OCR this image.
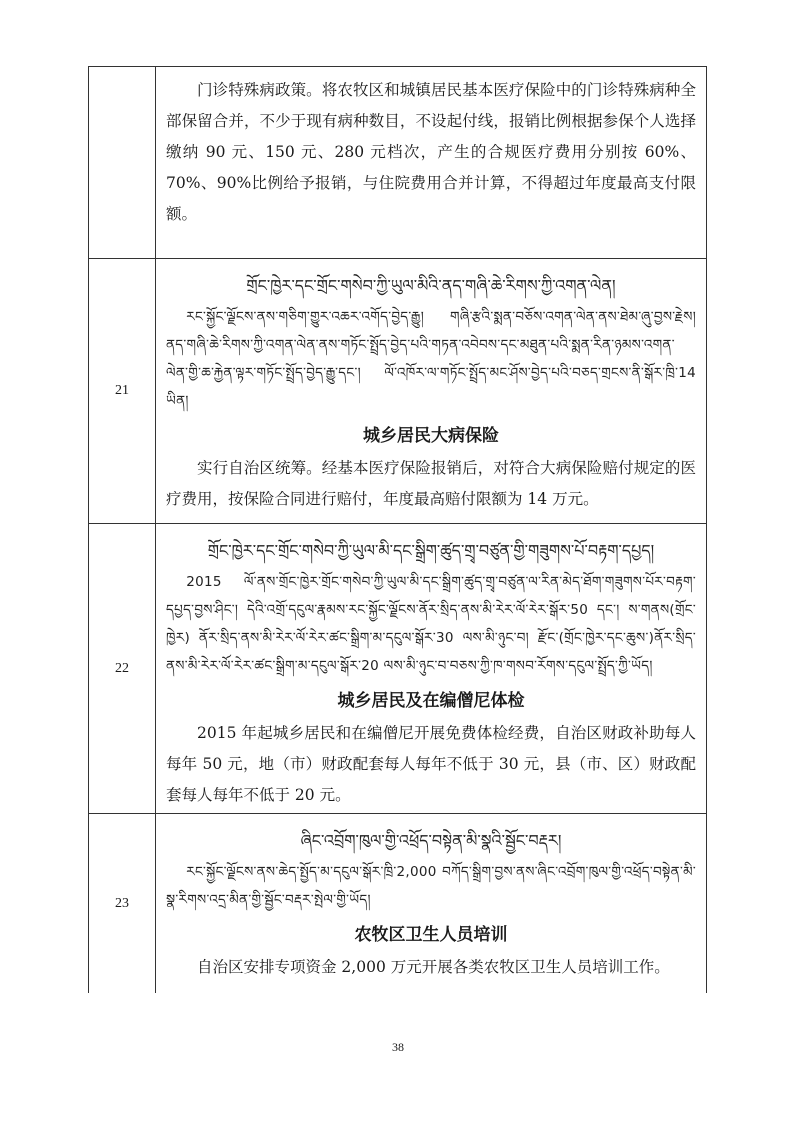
门诊特殊病政策。将农牧区和城镇居民基本医疗保险中的门诊特殊病种全部保留合并，不少于现有病种数目，不设起付线，报销比例根据参保个人选择缴纳 90 元、150 元、280 元档次，产生的合规医疗费用分别按 60%、70%、90%比例给予报销，与住院费用合并计算，不得超过年度最高支付限额。

21
གྲོང་ཁྱེར་དང་གྲོང་གསེབ་ཀྱི་ཡུལ་མིའི་ནད་གཞི་ཆེ་རིགས་ཀྱི་འགན་ལེན།

རང་སྐྱོང་ལྗོངས་ནས་གཅིག་གྱུར་འཆར་འགོད་བྱེད་རྒྱུ། གཞི་རྩའི་སྨན་བཅོས་འགན་ལེན་ནས་ཐེམ་ཞུ་བྱས་རྗེས། ནད་གཞི་ཆེ་རིགས་ཀྱི་འགན་ལེན་ནས་གཏོང་སྤྲོད་བྱེད་པའི་གཏན་འབེབས་དང་མཐུན་པའི་སྨན་རིན་ཉམས་འགན་ལེན་གྱི་ཆ་རྐྱེན་ལྟར་གཏོང་སྤྲོད་བྱེད་རྒྱུ་དང་། ལོ་འཁོར་ལ་གཏོང་སྤྲོད་མང་ཤོས་བྱེད་པའི་བཅད་གྲངས་ནི་སྒོར་ཁྲི་14 ཡིན།

城乡居民大病保险

实行自治区统筹。经基本医疗保险报销后，对符合大病保险赔付规定的医疗费用，按保险合同进行赔付，年度最高赔付限额为 14 万元。

22
གྲོང་ཁྱེར་དང་གྲོང་གསེབ་ཀྱི་ཡུལ་མི་དང་སྒྲིག་ཚུད་གྲྭ་བཙུན་གྱི་གཟུགས་པོ་བརྟག་དཔྱད།

2015 ལོ་ནས་གྲོང་ཁྱེར་གྲོང་གསེབ་ཀྱི་ཡུལ་མི་དང་སྒྲིག་ཚུད་གྲྭ་བཙུན་ལ་རིན་མེད་ཐོག་གཟུགས་པོར་བརྟག་དཔྱད་བྱས་ཤིང་། དེའི་འགྲོ་དངུལ་རྣམས་རང་སྐྱོང་ལྗོངས་ནོར་སྲིད་ནས་མི་རེར་ལོ་རེར་སྒོར་50 དང་། ས་གནས(གྲོང་ཁྱེར) ནོར་སྲིད་ནས་མི་རེར་ལོ་རེར་ཚང་སྒྲིག་མ་དངུལ་སྒོར་30 ལས་མི་ཉུང་བ། རྫོང་(གྲོང་ཁྱེར་དང་ཆུས་)ནོར་སྲིད་ནས་མི་རེར་ལོ་རེར་ཚང་སྒྲིག་མ་དངུལ་སྒོར་20 ལས་མི་ཉུང་བ་བཅས་ཀྱི་ཁ་གསབ་རོགས་དངུལ་སྤྲོད་ཀྱི་ཡོད།

城乡居民及在编僧尼体检

2015 年起城乡居民和在编僧尼开展免费体检经费，自治区财政补助每人每年 50 元，地（市）财政配套每人每年不低于 30 元，县（市、区）财政配套每人每年不低于 20 元。

23
ཞིང་འབྲོག་ཁུལ་གྱི་འཕྲོད་བསྟེན་མི་སྣའི་སྦྱོང་བརྡར།

རང་སྐྱོང་ལྗོངས་ནས་ཆེད་སྤྱོད་མ་དངུལ་སྒོར་ཁྲི་2,000 བཀོད་སྒྲིག་བྱས་ནས་ཞིང་འབྲོག་ཁུལ་གྱི་འཕྲོད་བསྟེན་མི་སྣ་རིགས་འདྲ་མིན་གྱི་སྦྱོང་བརྡར་སྤེལ་གྱི་ཡོད།

农牧区卫生人员培训

自治区安排专项资金 2,000 万元开展各类农牧区卫生人员培训工作。

38
